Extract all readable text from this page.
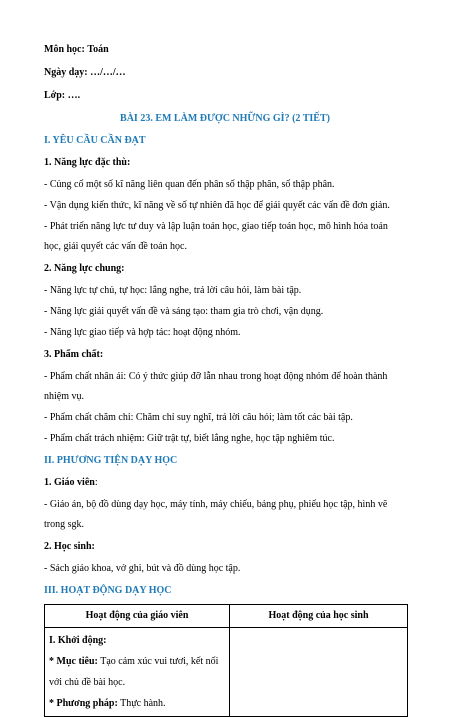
Môn học: Toán
Ngày dạy: …/…/…
Lớp: ….
BÀI 23. EM LÀM ĐƯỢC NHỮNG GÌ? (2 TIẾT)
I. YÊU CẦU CẦN ĐẠT
1. Năng lực đặc thù:
- Củng cố một số kĩ năng liên quan đến phân số thập phân, số thập phân.
- Vận dụng kiến thức, kĩ năng về số tự nhiên đã học để giải quyết các vấn đề đơn giản.
- Phát triển năng lực tư duy và lập luận toán học, giao tiếp toán học, mô hình hóa toán học, giải quyết các vấn đề toán học.
2. Năng lực chung:
- Năng lực tự chủ, tự học: lắng nghe, trả lời câu hỏi, làm bài tập.
- Năng lực giải quyết vấn đề và sáng tạo: tham gia trò chơi, vận dụng.
- Năng lực giao tiếp và hợp tác: hoạt động nhóm.
3. Phẩm chất:
- Phẩm chất nhân ái: Có ý thức giúp đỡ lẫn nhau trong hoạt động nhóm để hoàn thành nhiệm vụ.
- Phẩm chất chăm chỉ: Chăm chỉ suy nghĩ, trả lời câu hỏi; làm tốt các bài tập.
- Phẩm chất trách nhiệm: Giữ trật tự, biết lắng nghe, học tập nghiêm túc.
II. PHƯƠNG TIỆN DẠY HỌC
1. Giáo viên:
- Giáo án, bộ đồ dùng dạy học, máy tính, máy chiếu, bảng phụ, phiếu học tập, hình vẽ trong sgk.
2. Học sinh:
- Sách giáo khoa, vở ghi, bút và đồ dùng học tập.
III. HOẠT ĐỘNG DẠY HỌC
Hoạt động của giáo viên	Hoạt động của học sinh

I. Khởi động:
* Mục tiêu: Tạo cảm xúc vui tươi, kết nối với chủ đề bài học.
* Phương pháp: Thực hành.	
